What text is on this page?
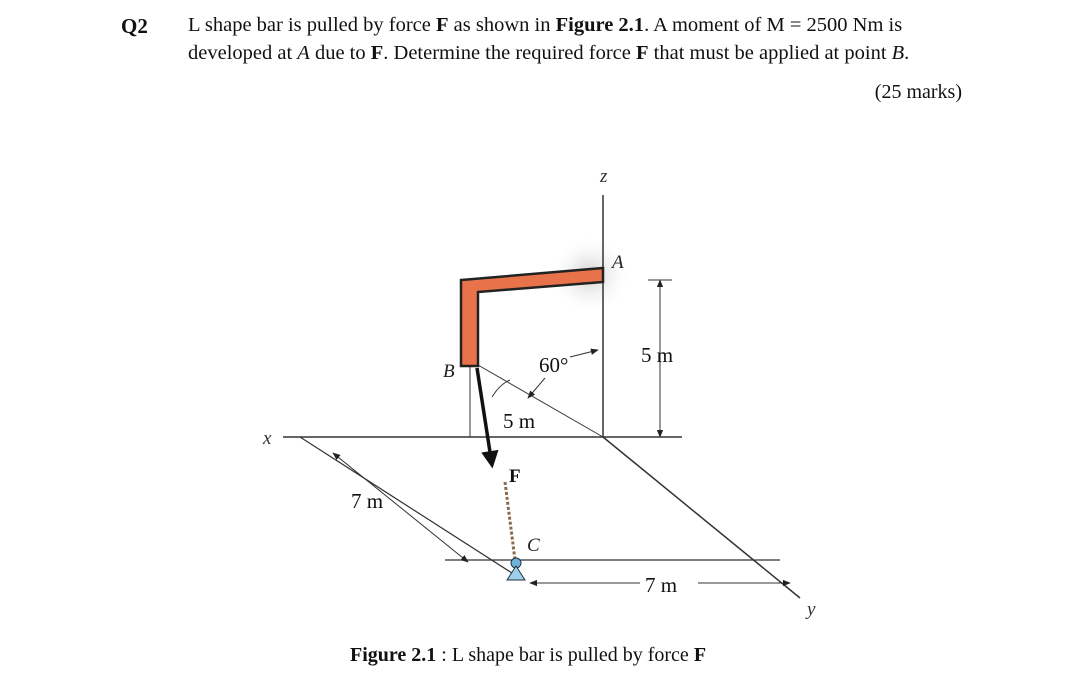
Q2 L shape bar is pulled by force F as shown in Figure 2.1. A moment of M = 2500 Nm is developed at A due to F. Determine the required force F that must be applied at point B.
(25 marks)
z
A
5 m
60°
B
5 m
x
F
7 m
C
7 m
y
Figure 2.1 : L shape bar is pulled by force F
